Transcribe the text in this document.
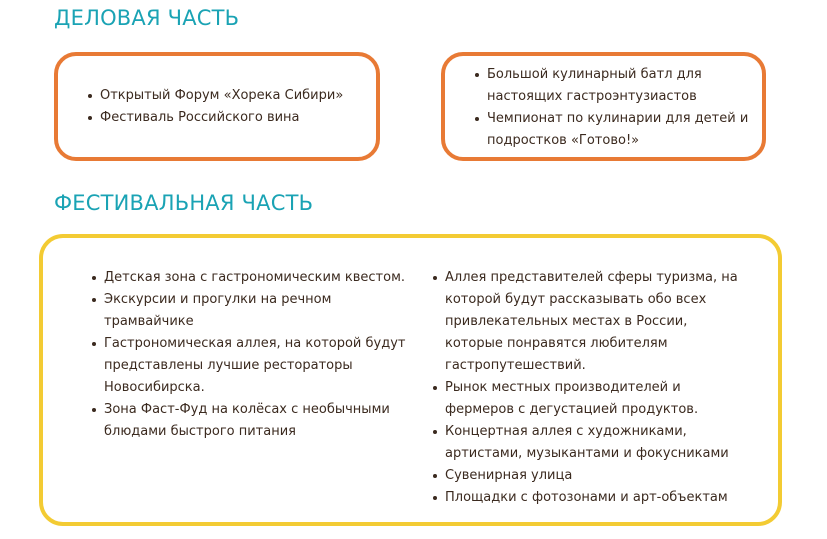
ДЕЛОВАЯ ЧАСТЬ
Открытый Форум «Хорека Сибири»
Фестиваль Российского вина
Большой кулинарный батл для настоящих гастроэнтузиастов
Чемпионат по кулинарии для детей и подростков «Готово!»
ФЕСТИВАЛЬНАЯ ЧАСТЬ
Детская зона с гастрономическим квестом.
Экскурсии и прогулки на речном трамвайчике
Гастрономическая аллея, на которой будут представлены лучшие рестораторы Новосибирска.
Зона Фаст-Фуд на колёсах с необычными блюдами быстрого питания
Аллея представителей сферы туризма, на которой будут рассказывать обо всех привлекательных местах в России, которые понравятся любителям гастропутешествий.
Рынок местных производителей и фермеров с дегустацией продуктов.
Концертная аллея с художниками, артистами, музыкантами и фокусниками
Сувенирная улица
Площадки с фотозонами и арт-объектам
